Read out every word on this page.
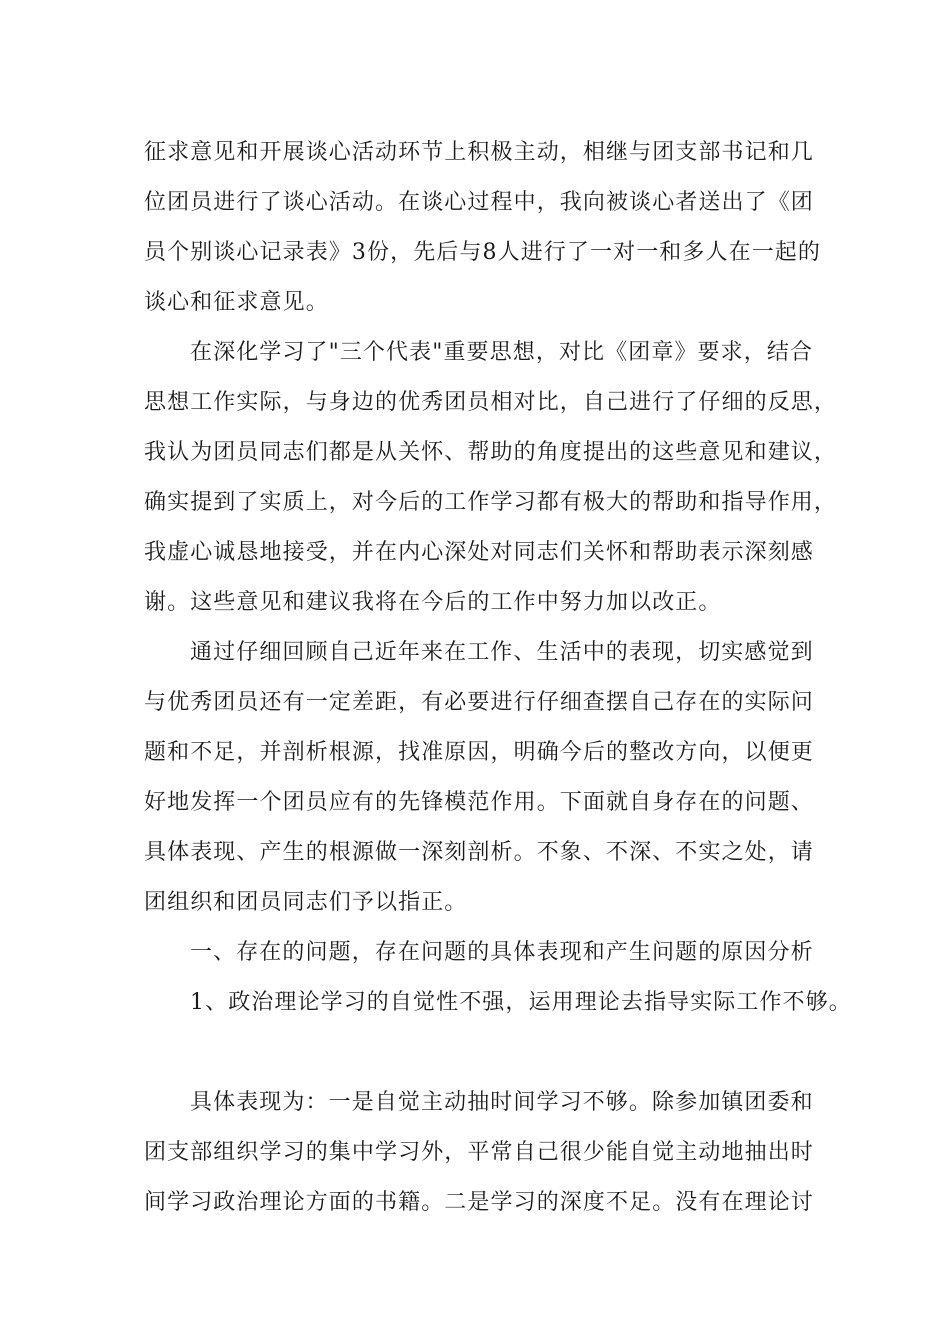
征求意见和开展谈心活动环节上积极主动，相继与团支部书记和几

位团员进行了谈心活动。在谈心过程中，我向被谈心者送出了《团

员个别谈心记录表》3份，先后与8人进行了一对一和多人在一起的

谈心和征求意见。

在深化学习了"三个代表"重要思想，对比《团章》要求，结合

思想工作实际，与身边的优秀团员相对比，自己进行了仔细的反思，

我认为团员同志们都是从关怀、帮助的角度提出的这些意见和建议，

确实提到了实质上，对今后的工作学习都有极大的帮助和指导作用，

我虚心诚恳地接受，并在内心深处对同志们关怀和帮助表示深刻感

谢。这些意见和建议我将在今后的工作中努力加以改正。

通过仔细回顾自己近年来在工作、生活中的表现，切实感觉到

与优秀团员还有一定差距，有必要进行仔细查摆自己存在的实际问

题和不足，并剖析根源，找准原因，明确今后的整改方向，以便更

好地发挥一个团员应有的先锋模范作用。下面就自身存在的问题、

具体表现、产生的根源做一深刻剖析。不象、不深、不实之处，请

团组织和团员同志们予以指正。

一、存在的问题，存在问题的具体表现和产生问题的原因分析

1、政治理论学习的自觉性不强，运用理论去指导实际工作不够。

具体表现为：一是自觉主动抽时间学习不够。除参加镇团委和

团支部组织学习的集中学习外，平常自己很少能自觉主动地抽出时

间学习政治理论方面的书籍。二是学习的深度不足。没有在理论讨
